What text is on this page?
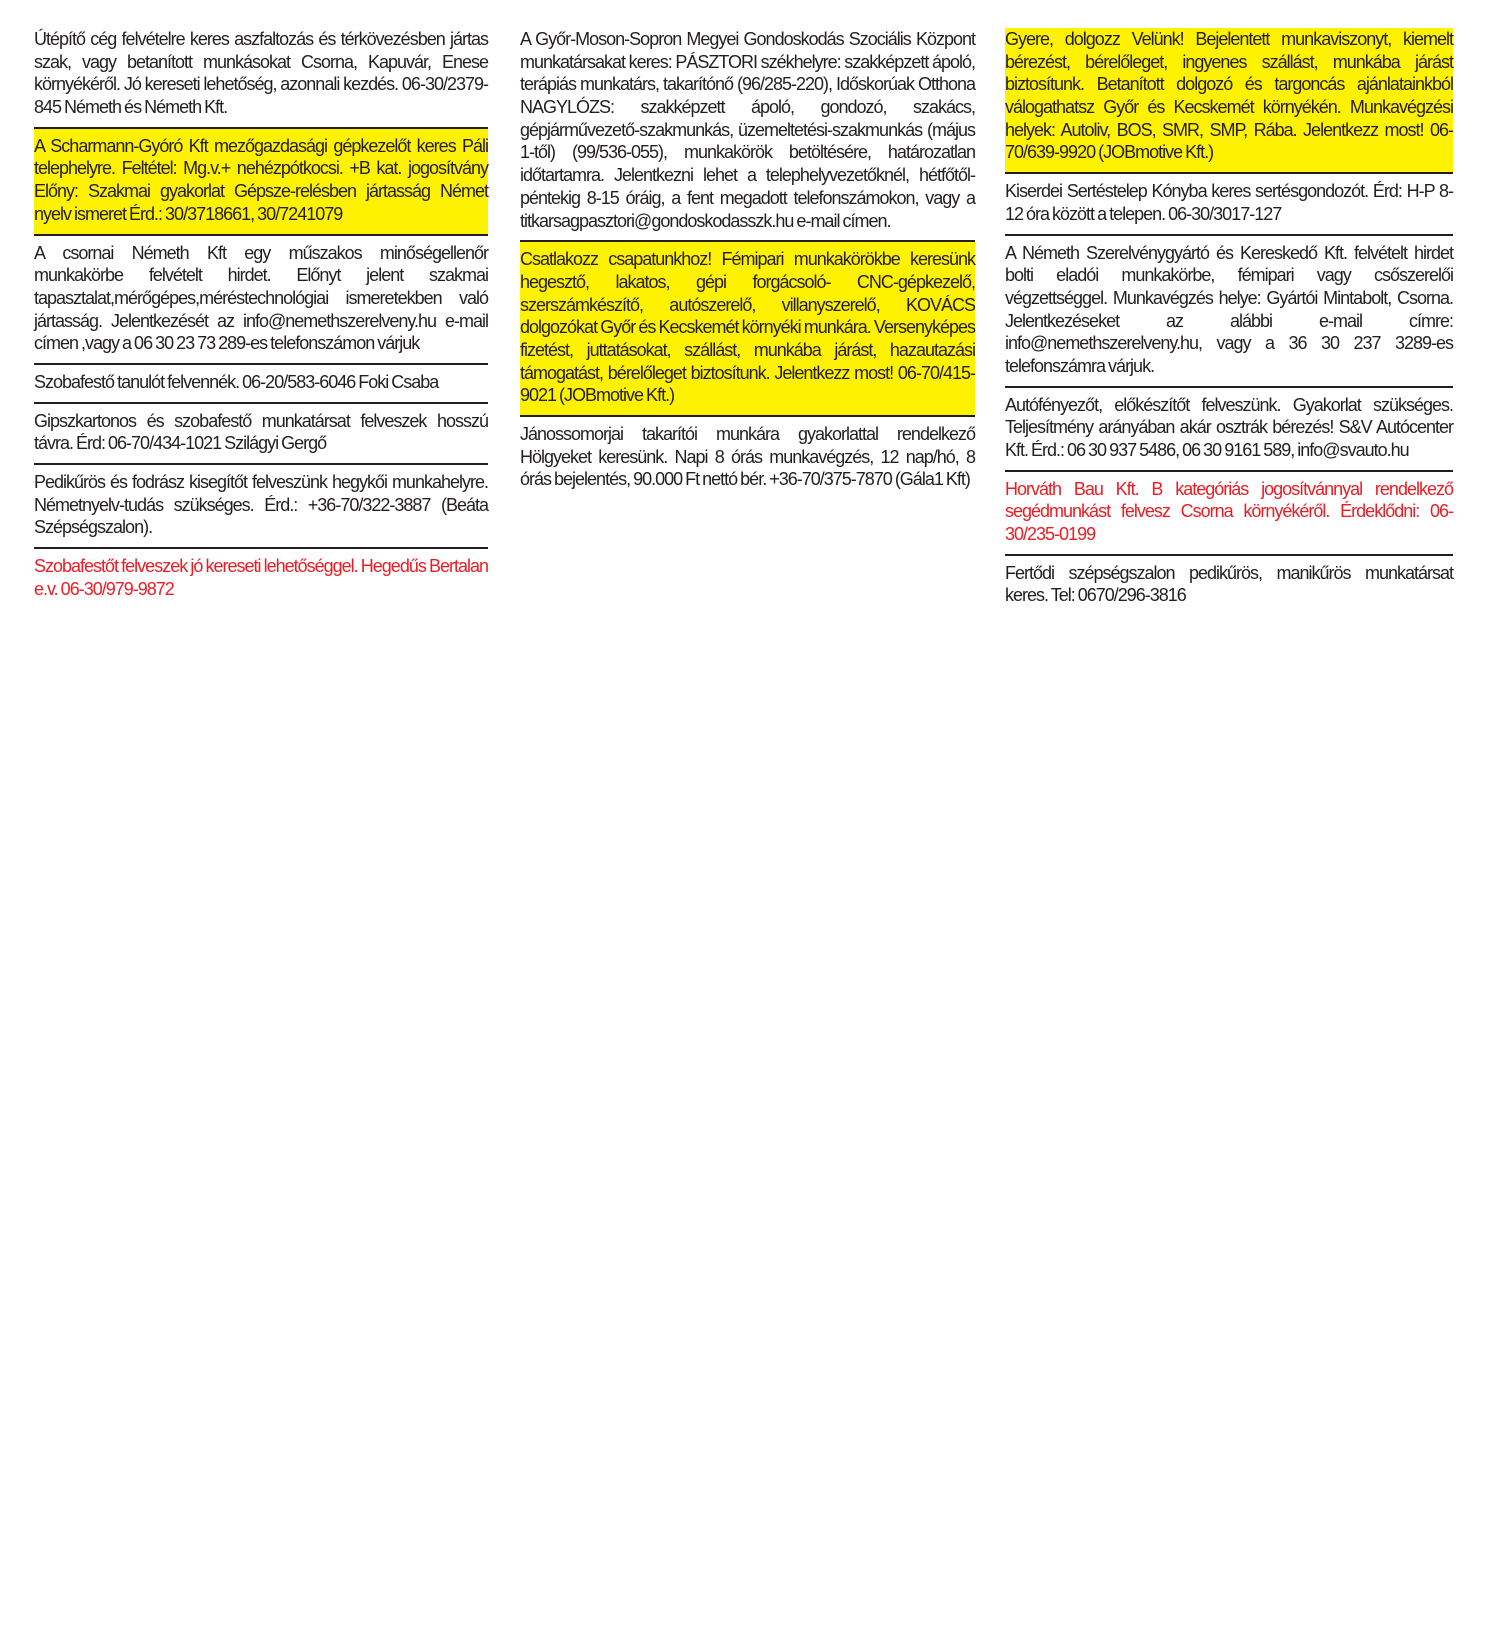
Útépítő cég felvételre keres aszfaltozás és térkövezésben jártas szak, vagy betanított munkásokat Csorna, Kapuvár, Enese környékéről. Jó kereseti lehetőség, azonnali kezdés. 06-30/2379-845 Németh és Németh Kft.

A Scharmann-Gyóró Kft mezőgazdasági gépkezelőt keres Páli telephelyre. Feltétel: Mg.v.+ nehézpótkocsi. +B kat. jogosítvány Előny: Szakmai gyakorlat Gépsze-relésben jártasság Német nyelv ismeret Érd.: 30/3718661, 30/7241079

A csornai Németh Kft egy műszakos minőségellenőr munkakörbe felvételt hirdet. Előnyt jelent szakmai tapasztalat,mérőgépes,méréstechnológiai ismeretekben való jártasság. Jelentkezését az info@nemethszerelveny.hu e-mail címen ,vagy a 06 30 23 73 289-es telefonszámon várjuk

Szobafestő tanulót felvennék. 06-20/583-6046 Foki Csaba

Gipszkartonos és szobafestő munkatársat felveszek hosszú távra. Érd: 06-70/434-1021 Szilágyi Gergő

Pedikűrös és fodrász kisegítőt felveszünk hegykői munkahelyre. Németnyelv-tudás szükséges. Érd.: +36-70/322-3887 (Beáta Szépségszalon).

Szobafestőt felveszek jó kereseti lehetőséggel. Hegedűs Bertalan e.v. 06-30/979-9872

A Győr-Moson-Sopron Megyei Gondoskodás Szociális Központ munkatársakat keres: PÁSZTORI székhelyre: szakképzett ápoló, terápiás munkatárs, takarítónő (96/285-220), Időskorúak Otthona NAGYLÓZS: szakképzett ápoló, gondozó, szakács, gépjárművezető-szakmunkás, üzemeltetési-szakmunkás (május 1-től) (99/536-055), munkakörök betöltésére, határozatlan időtartamra. Jelentkezni lehet a telephelyvezetőknél, hétfőtől-péntekig 8-15 óráig, a fent megadott telefonszámokon, vagy a titkarsagpasztori@gondoskodasszk.hu e-mail címen.

Csatlakozz csapatunkhoz! Fémipari munkakörökbe keresünk hegesztő, lakatos, gépi forgácsoló- CNC-gépkezelő, szerszámkészítő, autószerelő, villanyszerelő, KOVÁCS dolgozókat Győr és Kecskemét környéki munkára. Versenyképes fizetést, juttatásokat, szállást, munkába járást, hazautazási támogatást, bérelőleget biztosítunk. Jelentkezz most! 06-70/415-9021 (JOBmotive Kft.)

Jánossomorjai takarítói munkára gyakorlattal rendelkező Hölgyeket keresünk. Napi 8 órás munkavégzés, 12 nap/hó, 8 órás bejelentés, 90.000 Ft nettó bér. +36-70/375-7870 (Gála1 Kft)

Gyere, dolgozz Velünk! Bejelentett munkaviszonyt, kiemelt bérezést, bérelőleget, ingyenes szállást, munkába járást biztosítunk. Betanított dolgozó és targoncás ajánlatainkból válogathatsz Győr és Kecskemét környékén. Munkavégzési helyek: Autoliv, BOS, SMR, SMP, Rába. Jelentkezz most! 06-70/639-9920 (JOBmotive Kft.)

Kiserdei Sertéstelep Kónyba keres sertésgondozót. Érd: H-P 8-12 óra között a telepen. 06-30/3017-127

A Németh Szerelvénygyártó és Kereskedő Kft. felvételt hirdet bolti eladói munkakörbe, fémipari vagy csőszerelői végzettséggel. Munkavégzés helye: Gyártói Mintabolt, Csorna. Jelentkezéseket az alábbi e-mail címre: info@nemethszerelveny.hu, vagy a 36 30 237 3289-es telefonszámra várjuk.

Autófényezőt, előkészítőt felveszünk. Gyakorlat szükséges. Teljesítmény arányában akár osztrák bérezés! S&V Autócenter Kft. Érd.: 06 30 937 5486, 06 30 9161 589, info@svauto.hu

Horváth Bau Kft. B kategóriás jogosítvánnyal rendelkező segédmunkást felvesz Csorna környékéről. Érdeklődni: 06-30/235-0199

Fertődi szépségszalon pedikűrös, manikűrös munkatársat keres. Tel: 0670/296-3816
